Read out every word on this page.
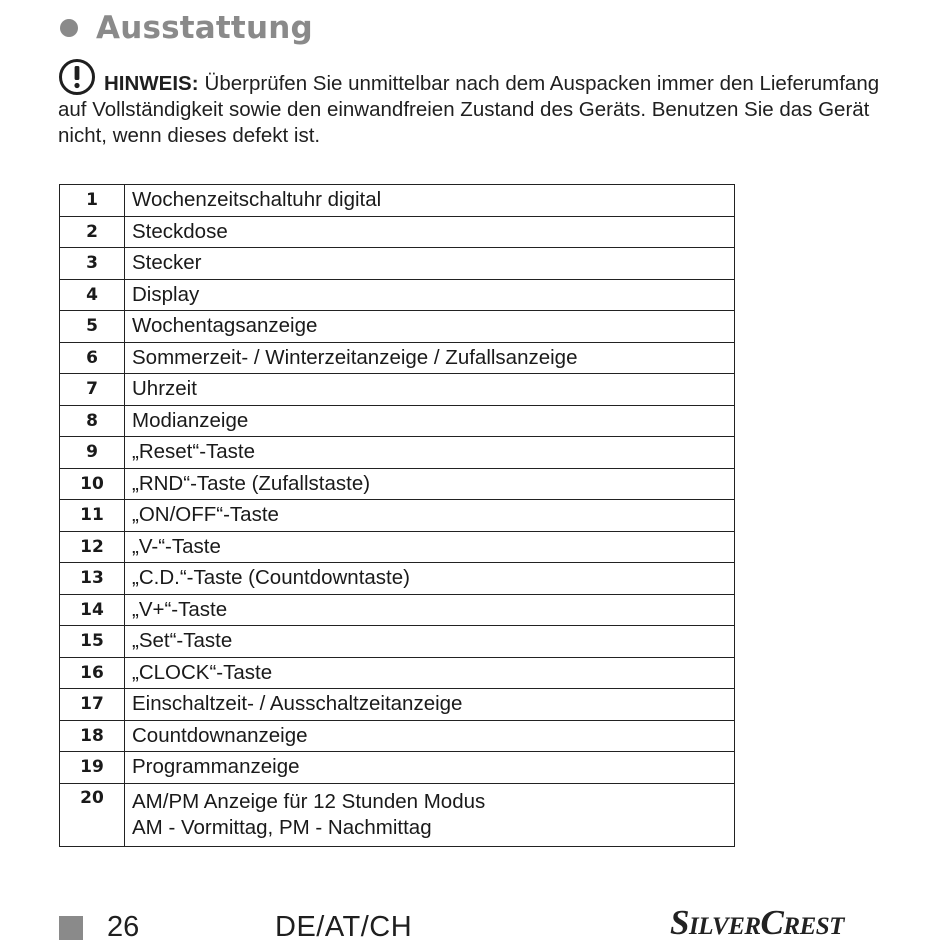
Ausstattung
HINWEIS: Überprüfen Sie unmittelbar nach dem Auspacken immer den Lieferumfang auf Vollständigkeit sowie den einwandfreien Zustand des Geräts. Benutzen Sie das Gerät nicht, wenn dieses defekt ist.
1	Wochenzeitschaltuhr digital

2	Steckdose

3	Stecker

4	Display

5	Wochentagsanzeige

6	Sommerzeit- / Winterzeitanzeige / Zufallsanzeige

7	Uhrzeit

8	Modianzeige

9	„Reset“-Taste

10	„RND“-Taste (Zufallstaste)

11	„ON/OFF“-Taste

12	„V-“-Taste

13	„C.D.“-Taste (Countdowntaste)

14	„V+“-Taste

15	„Set“-Taste

16	„CLOCK“-Taste

17	Einschaltzeit- / Ausschaltzeitanzeige

18	Countdownanzeige

19	Programmanzeige

20	AM/PM Anzeige für 12 Stunden Modus
AM - Vormittag, PM - Nachmittag
26	DE/AT/CH	SilverCrest
